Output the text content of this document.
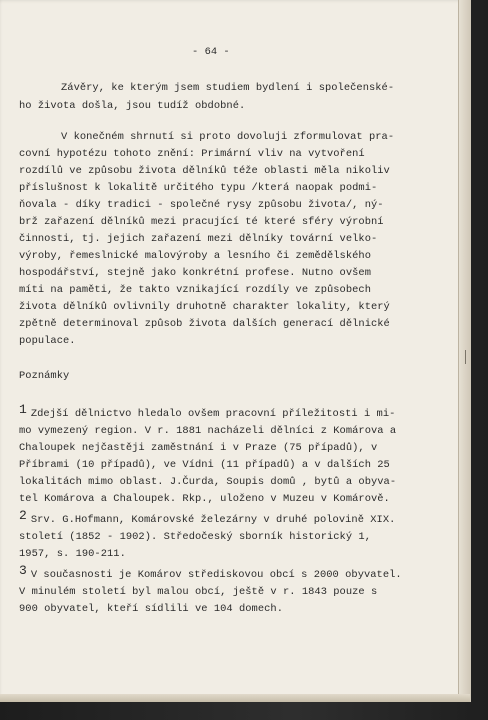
- 64 -
Závěry, ke kterým jsem studiem bydlení i společenské-
ho života došla, jsou tudíž obdobné.
V konečném shrnutí si proto dovoluji zformulovat pra-
covní hypotézu tohoto znění: Primární vliv na vytvoření
rozdílů ve způsobu života dělníků téže oblasti měla nikoliv
příslušnost k lokalitě určitého typu /která naopak podmi-
ňovala - díky tradici - společné rysy způsobu života/, ný-
brž zařazení dělníků mezi pracující té které sféry výrobní
činnosti, tj. jejich zařazení mezi dělníky tovární velko-
výroby, řemeslnické malovýroby a lesního či zemědělského
hospodářství, stejně jako konkrétní profese. Nutno ovšem
míti na paměti, že takto vznikající rozdíly ve způsobech
života dělníků ovlivnily druhotně charakter lokality, který
zpětně determinoval způsob života dalších generací dělnické
populace.
Poznámky
$^1$ Zdejší dělnictvo hledalo ovšem pracovní příležitosti i mi-
mo vymezený region. V r. 1881 nacházeli dělníci z Komárova a
Chaloupek nejčastěji zaměstnání i v Praze (75 případů), v
Příbrami (10 případů), ve Vídni (11 případů) a v dalších 25
lokalitách mimo oblast. J.Čurda, Soupis domů , bytů a obyva-
tel Komárova a Chaloupek. Rkp., uloženo v Muzeu v Komárově.
$^2$ Srv. G.Hofmann, Komárovské železárny v druhé polovině XIX.
století (1852 - 1902). Středočeský sborník historický 1,
1957, s. 190-211.
$^3$ V současnosti je Komárov střediskovou obcí s 2000 obyvatel.
V minulém století byl malou obcí, ještě v r. 1843 pouze s
900 obyvatel, kteří sídlili ve 104 domech.
